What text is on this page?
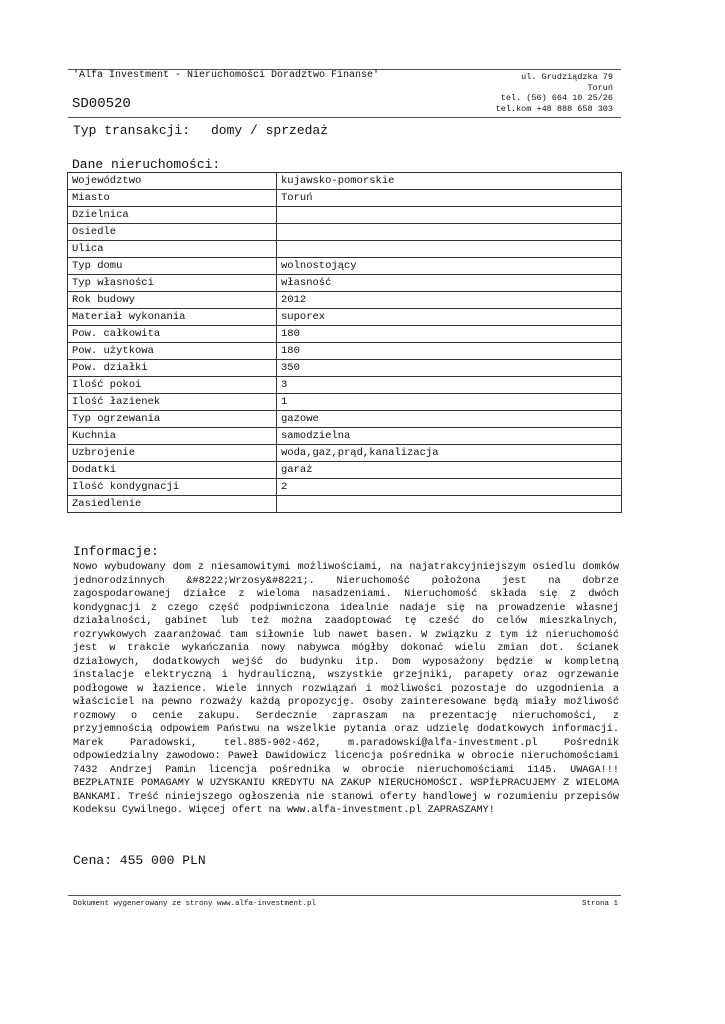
'Alfa Investment - Nieruchomości Doradztwo Finanse'
SD00520
ul. Grudziądzka 79
Toruń
tel. (56) 664 10 25/26
tel.kom +48 888 658 303
Typ transakcji: domy / sprzedaż
Dane nieruchomości:
Województwo	kujawsko-pomorskie
Miasto	Toruń
Dzielnica	
Osiedle	
Ulica	
Typ domu	wolnostojący
Typ własności	własność
Rok budowy	2012
Materiał wykonania	suporex
Pow. całkowita	180
Pow. użytkowa	180
Pow. działki	350
Ilość pokoi	3
Ilość łazienek	1
Typ ogrzewania	gazowe
Kuchnia	samodzielna
Uzbrojenie	woda,gaz,prąd,kanalizacja
Dodatki	garaż
Ilość kondygnacji	2
Zasiedlenie	
Informacje:
Nowo wybudowany dom z niesamowitymi możliwościami, na najatrakcyjniejszym osiedlu domków jednorodzinnych &#8222;Wrzosy&#8221;. Nieruchomość położona jest na dobrze zagospodarowanej działce z wieloma nasadzeniami. Nieruchomość składa się z dwóch kondygnacji z czego część podpiwniczona idealnie nadaje się na prowadzenie własnej działalności, gabinet lub też można zaadoptować tę cześć do celów mieszkalnych, rozrywkowych zaaranżować tam siłownie lub nawet basen. W związku z tym iż nieruchomość jest w trakcie wykańczania nowy nabywca mógłby dokonać wielu zmian dot. ścianek działowych, dodatkowych wejść do budynku itp. Dom wyposażony będzie w kompletną instalacje elektryczną i hydrauliczną, wszystkie grzejniki, parapety oraz ogrzewanie podłogowe w łazience. Wiele innych rozwiązań i możliwości pozostaje do uzgodnienia a właściciel na pewno rozważy każdą propozycję. Osoby zainteresowane będą miały możliwość rozmowy o cenie zakupu. Serdecznie zapraszam na prezentację nieruchomości, z przyjemnością odpowiem Państwu na wszelkie pytania oraz udzielę dodatkowych informacji. Marek Paradowski, tel.885-902-462, m.paradowski@alfa-investment.pl Pośrednik odpowiedzialny zawodowo: Paweł Dawidowicz licencja pośrednika w obrocie nieruchomościami 7432 Andrzej Pamin licencja pośrednika w obrocie nieruchomościami 1145. UWAGA!!! BEZPŁATNIE POMAGAMY W UZYSKANIU KREDYTU NA ZAKUP NIERUCHOMOŚCI. WSPÍŁPRACUJEMY Z WIELOMA BANKAMI. Treść niniejszego ogłoszenia nie stanowi oferty handlowej w rozumieniu przepisów Kodeksu Cywilnego. Więcej ofert na www.alfa-investment.pl ZAPRASZAMY!
Cena: 455 000 PLN
Dokument wygenerowany ze strony www.alfa-investment.pl	Strona 1
